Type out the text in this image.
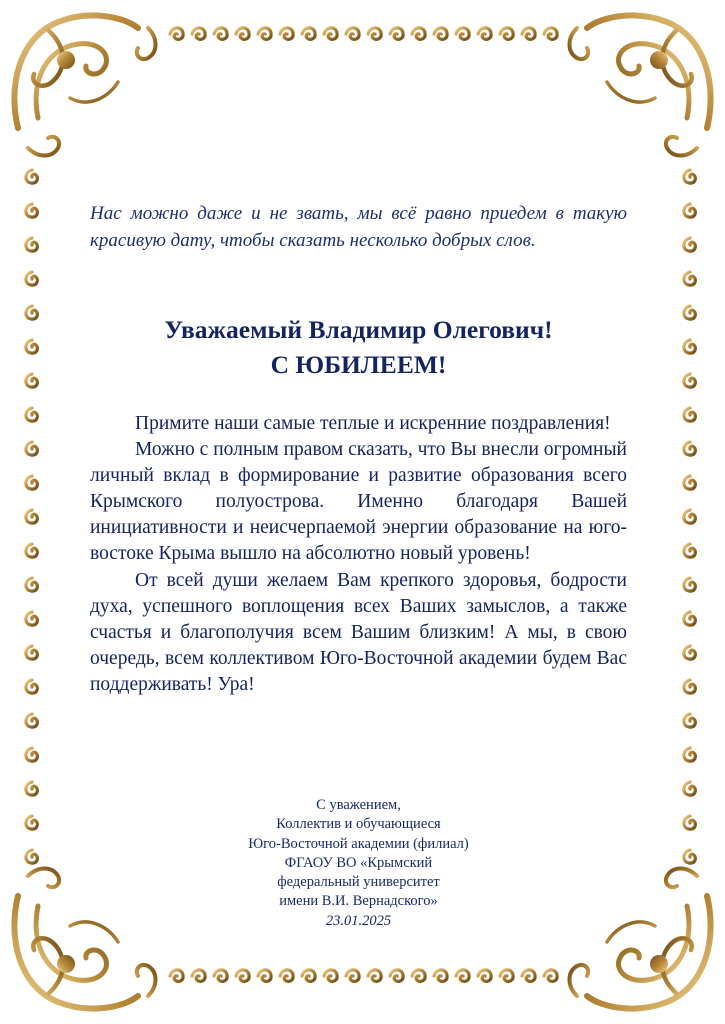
Нас можно даже и не звать, мы всё равно приедем в такую красивую дату, чтобы сказать несколько добрых слов.

Уважаемый Владимир Олегович!
С ЮБИЛЕЕМ!

Примите наши самые теплые и искренние поздравления!

Можно с полным правом сказать, что Вы внесли огромный личный вклад в формирование и развитие образования всего Крымского полуострова. Именно благодаря Вашей инициативности и неисчерпаемой энергии образование на юго-востоке Крыма вышло на абсолютно новый уровень!

От всей души желаем Вам крепкого здоровья, бодрости духа, успешного воплощения всех Ваших замыслов, а также счастья и благополучия всем Вашим близким! А мы, в свою очередь, всем коллективом Юго-Восточной академии будем Вас поддерживать! Ура!

С уважением,
Коллектив и обучающиеся
Юго-Восточной академии (филиал)
ФГАОУ ВО «Крымский
федеральный университет
имени В.И. Вернадского»
23.01.2025
